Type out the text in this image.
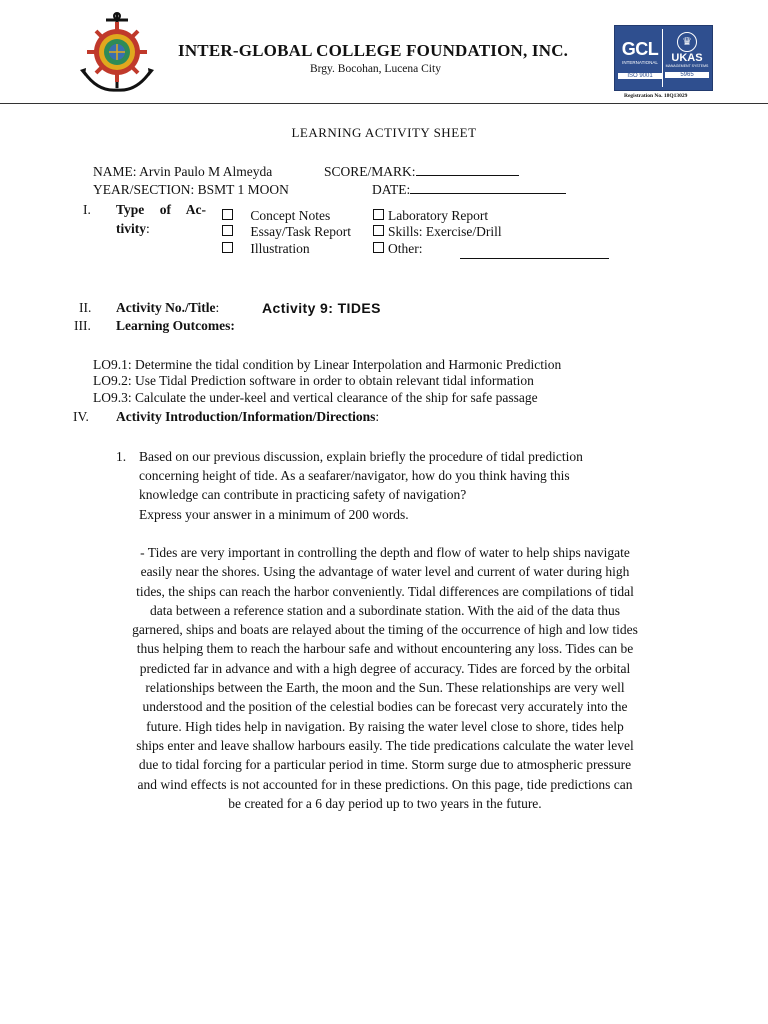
INTER-GLOBAL COLLEGE FOUNDATION, INC.
Brgy. Bocohan, Lucena City
GCL
INTERNATIONAL
ISO 9001
♛
UKAS
MANAGEMENT SYSTEMS
5965
Registration No. 18Q13029
LEARNING ACTIVITY SHEET
NAME: Arvin Paulo M Almeyda	SCORE/MARK:
YEAR/SECTION: BSMT 1 MOON	DATE:
I. Type of Ac-
tivity:
Concept Notes
Essay/Task Report
Illustration
Laboratory Report
Skills: Exercise/Drill
Other:
II. Activity No./Title:	Activity 9: TIDES
III. Learning Outcomes:
LO9.1: Determine the tidal condition by Linear Interpolation and Harmonic Prediction
LO9.2: Use Tidal Prediction software in order to obtain relevant tidal information
LO9.3: Calculate the under-keel and vertical clearance of the ship for safe passage
IV. Activity Introduction/Information/Directions:
1. Based on our previous discussion, explain briefly the procedure of tidal prediction
concerning height of tide. As a seafarer/navigator, how do you think having this
knowledge can contribute in practicing safety of navigation?
Express your answer in a minimum of 200 words.
- Tides are very important in controlling the depth and flow of water to help ships navigate
easily near the shores. Using the advantage of water level and current of water during high
tides, the ships can reach the harbor conveniently. Tidal differences are compilations of tidal
data between a reference station and a subordinate station. With the aid of the data thus
garnered, ships and boats are relayed about the timing of the occurrence of high and low tides
thus helping them to reach the harbour safe and without encountering any loss. Tides can be
predicted far in advance and with a high degree of accuracy. Tides are forced by the orbital
relationships between the Earth, the moon and the Sun. These relationships are very well
understood and the position of the celestial bodies can be forecast very accurately into the
future. High tides help in navigation. By raising the water level close to shore, tides help
ships enter and leave shallow harbours easily. The tide predications calculate the water level
due to tidal forcing for a particular period in time. Storm surge due to atmospheric pressure
and wind effects is not accounted for in these predictions. On this page, tide predictions can
be created for a 6 day period up to two years in the future.
